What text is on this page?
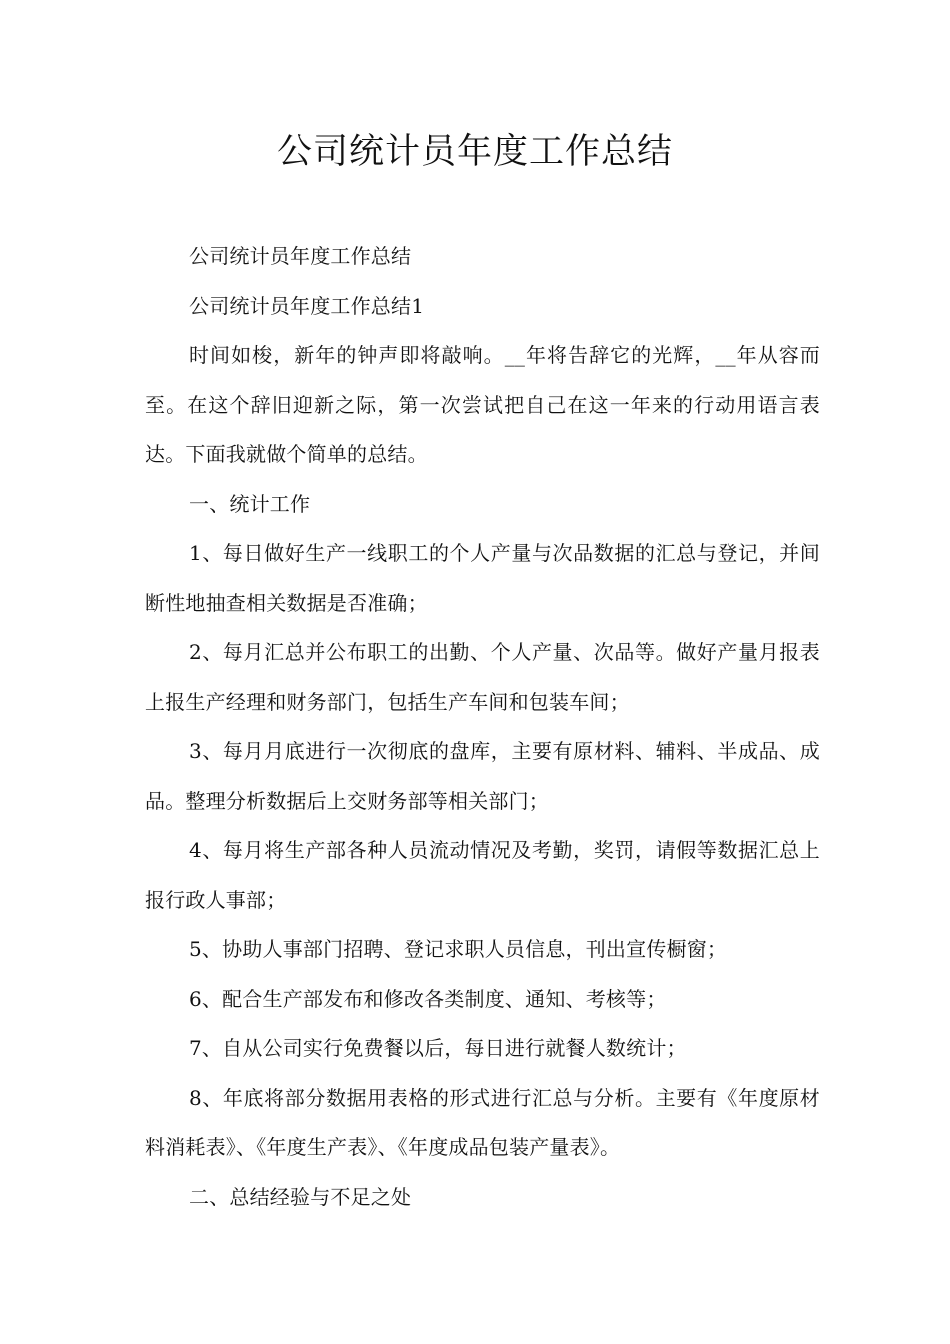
公司统计员年度工作总结

公司统计员年度工作总结

公司统计员年度工作总结1

时间如梭，新年的钟声即将敲响。__年将告辞它的光辉，__年从容而至。在这个辞旧迎新之际，第一次尝试把自己在这一年来的行动用语言表达。下面我就做个简单的总结。

一、统计工作

1、每日做好生产一线职工的个人产量与次品数据的汇总与登记，并间断性地抽查相关数据是否准确；

2、每月汇总并公布职工的出勤、个人产量、次品等。做好产量月报表上报生产经理和财务部门，包括生产车间和包装车间；

3、每月月底进行一次彻底的盘库，主要有原材料、辅料、半成品、成品。整理分析数据后上交财务部等相关部门；

4、每月将生产部各种人员流动情况及考勤，奖罚，请假等数据汇总上报行政人事部；

5、协助人事部门招聘、登记求职人员信息，刊出宣传橱窗；

6、配合生产部发布和修改各类制度、通知、考核等；

7、自从公司实行免费餐以后，每日进行就餐人数统计；

8、年底将部分数据用表格的形式进行汇总与分析。主要有《年度原材料消耗表》、《年度生产表》、《年度成品包装产量表》。

二、总结经验与不足之处
